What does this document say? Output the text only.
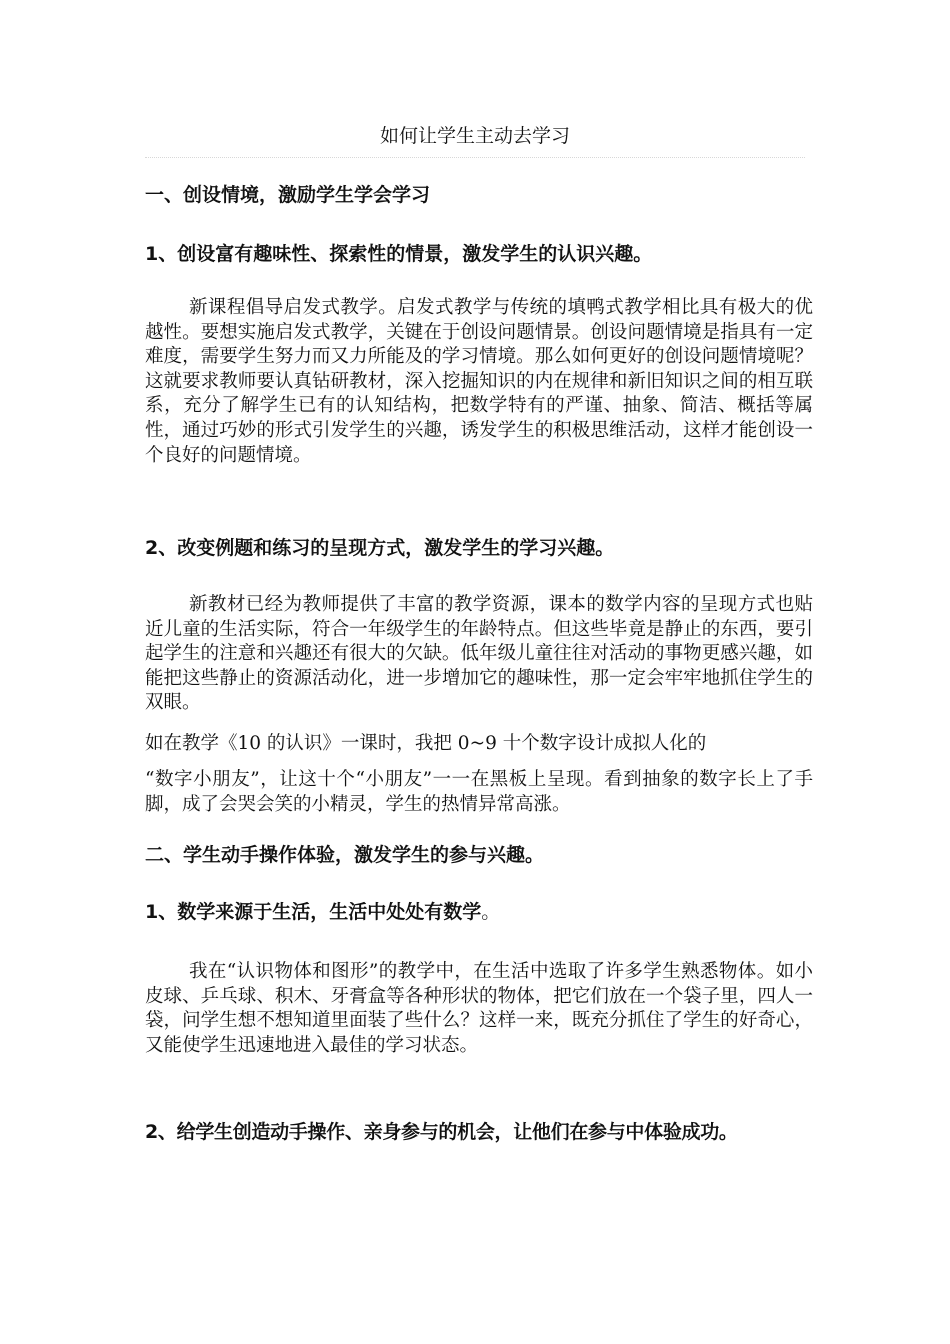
如何让学生主动去学习
一、创设情境，激励学生学会学习
1、创设富有趣味性、探索性的情景，激发学生的认识兴趣。
新课程倡导启发式教学。启发式教学与传统的填鸭式教学相比具有极大的优越性。要想实施启发式教学，关键在于创设问题情景。创设问题情境是指具有一定难度，需要学生努力而又力所能及的学习情境。那么如何更好的创设问题情境呢？这就要求教师要认真钻研教材，深入挖掘知识的内在规律和新旧知识之间的相互联系，充分了解学生已有的认知结构，把数学特有的严谨、抽象、简洁、概括等属性，通过巧妙的形式引发学生的兴趣，诱发学生的积极思维活动，这样才能创设一个良好的问题情境。
2、改变例题和练习的呈现方式，激发学生的学习兴趣。
新教材已经为教师提供了丰富的教学资源，课本的数学内容的呈现方式也贴近儿童的生活实际，符合一年级学生的年龄特点。但这些毕竟是静止的东西，要引起学生的注意和兴趣还有很大的欠缺。低年级儿童往往对活动的事物更感兴趣，如能把这些静止的资源活动化，进一步增加它的趣味性，那一定会牢牢地抓住学生的双眼。
如在教学《10 的认识》一课时，我把 0~9 十个数字设计成拟人化的
“数字小朋友”，让这十个“小朋友”一一在黑板上呈现。看到抽象的数字长上了手脚，成了会哭会笑的小精灵，学生的热情异常高涨。
二、学生动手操作体验，激发学生的参与兴趣。
1、数学来源于生活，生活中处处有数学。
我在“认识物体和图形”的教学中，在生活中选取了许多学生熟悉物体。如小皮球、乒乓球、积木、牙膏盒等各种形状的物体，把它们放在一个袋子里，四人一袋，问学生想不想知道里面装了些什么？这样一来，既充分抓住了学生的好奇心，又能使学生迅速地进入最佳的学习状态。
2、给学生创造动手操作、亲身参与的机会，让他们在参与中体验成功。
